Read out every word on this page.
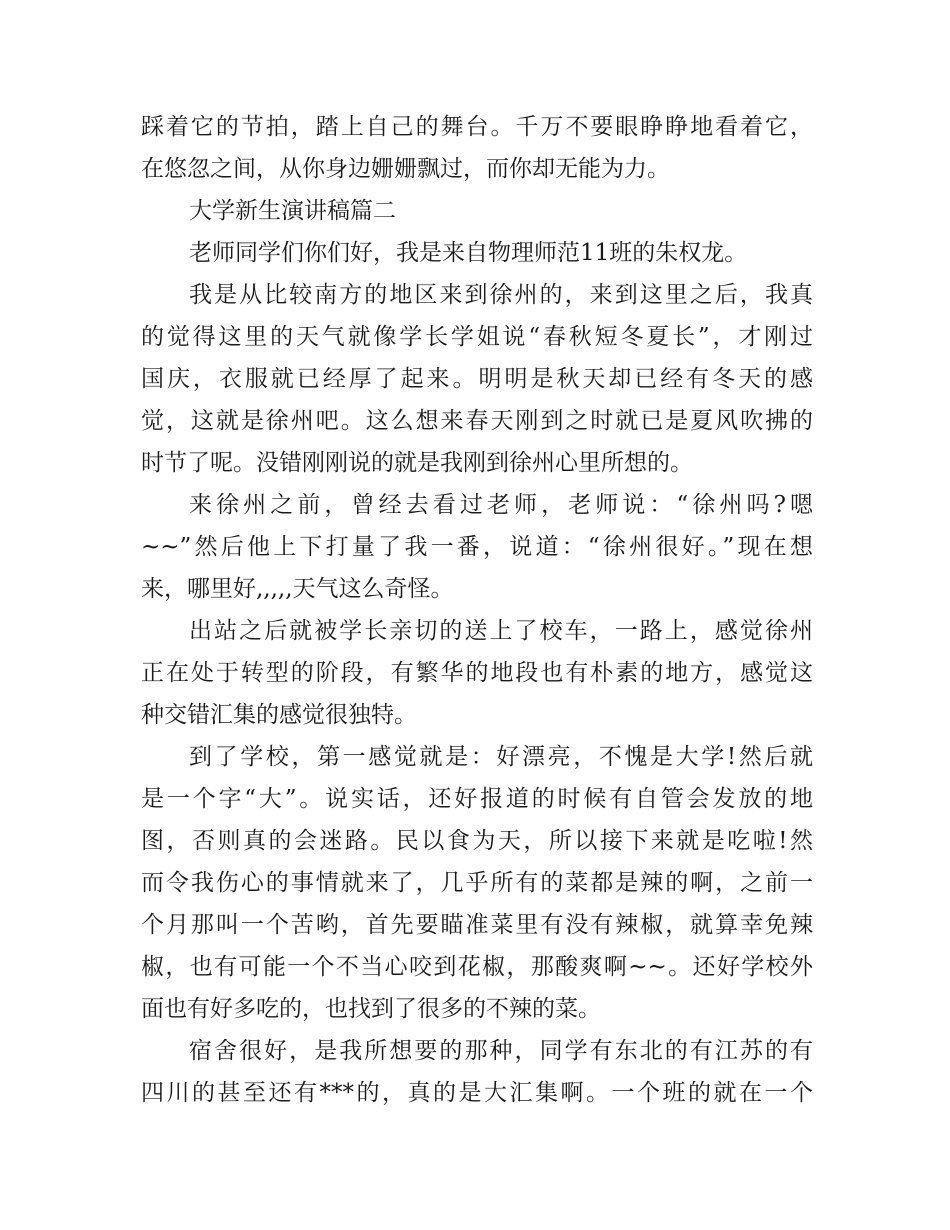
踩着它的节拍，踏上自己的舞台。千万不要眼睁睁地看着它，
在悠忽之间，从你身边姗姗飘过，而你却无能为力。
大学新生演讲稿篇二
老师同学们你们好，我是来自物理师范11班的朱权龙。
我是从比较南方的地区来到徐州的，来到这里之后，我真
的觉得这里的天气就像学长学姐说“春秋短冬夏长”，才刚过
国庆，衣服就已经厚了起来。明明是秋天却已经有冬天的感
觉，这就是徐州吧。这么想来春天刚到之时就已是夏风吹拂的
时节了呢。没错刚刚说的就是我刚到徐州心里所想的。
来徐州之前，曾经去看过老师，老师说：“徐州吗?嗯
~~”然后他上下打量了我一番，说道：“徐州很好。”现在想
来，哪里好,,,,,天气这么奇怪。
出站之后就被学长亲切的送上了校车，一路上，感觉徐州
正在处于转型的阶段，有繁华的地段也有朴素的地方，感觉这
种交错汇集的感觉很独特。
到了学校，第一感觉就是：好漂亮，不愧是大学!然后就
是一个字“大”。说实话，还好报道的时候有自管会发放的地
图，否则真的会迷路。民以食为天，所以接下来就是吃啦!然
而令我伤心的事情就来了，几乎所有的菜都是辣的啊，之前一
个月那叫一个苦哟，首先要瞄准菜里有没有辣椒，就算幸免辣
椒，也有可能一个不当心咬到花椒，那酸爽啊~~。还好学校外
面也有好多吃的，也找到了很多的不辣的菜。
宿舍很好，是我所想要的那种，同学有东北的有江苏的有
四川的甚至还有***的，真的是大汇集啊。一个班的就在一个
